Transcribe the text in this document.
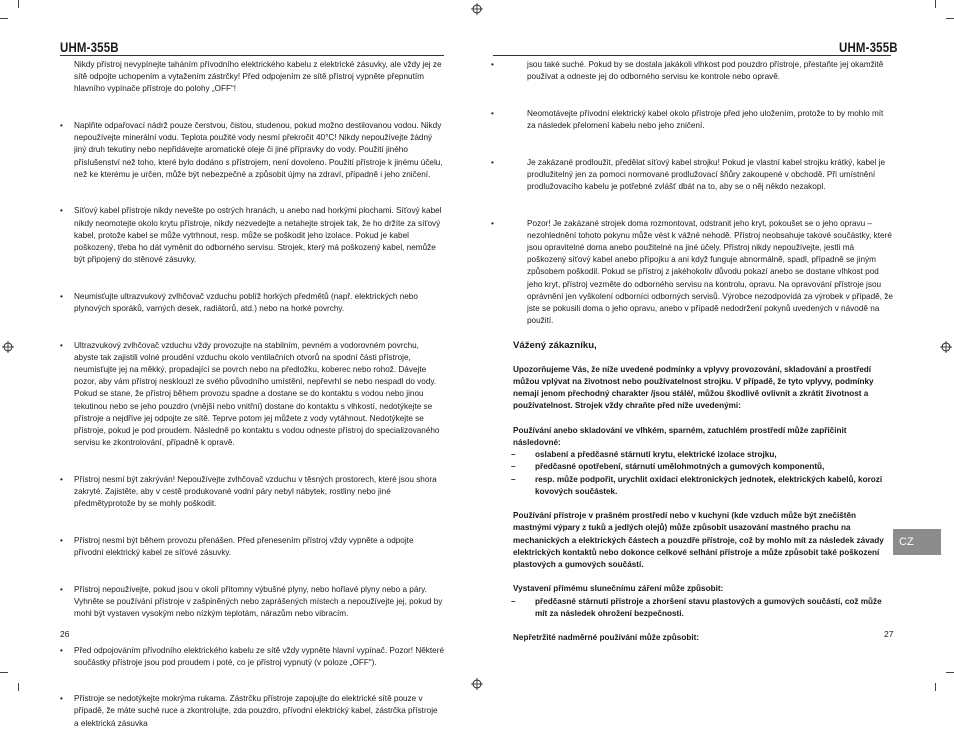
UHM-355B

Nikdy přístroj nevypínejte taháním přívodního elektrického kabelu z elektrické zásuvky, ale vždy jej ze sítě odpojte uchopením a vytažením zástrčky! Před odpojením ze sítě přístroj vypněte přepnutím hlavního vypínače přístroje do polohy „OFF“!

• Naplňte odpařovací nádrž pouze čerstvou, čistou, studenou, pokud možno destilovanou vodou. Nikdy nepoužívejte minerální vodu. Teplota použité vody nesmí překročit 40°C! Nikdy nepoužívejte žádný jiný druh tekutiny nebo nepřidávejte aromatické oleje či jiné přípravky do vody. Použití jiného příslušenství než toho, které bylo dodáno s přístrojem, není dovoleno. Použití přístroje k jinému účelu, než ke kterému je určen, může být nebezpečné a způsobit újmy na zdraví, případně i jeho zničení.

• Síťový kabel přístroje nikdy nevešte po ostrých hranách, u anebo nad horkými plochami. Síťový kabel nikdy neomotejte okolo krytu přístroje, nikdy nezvedejte a netahejte strojek tak, že ho držíte za síťový kabel, protože kabel se může vytrhnout, resp. může se poškodit jeho izolace. Pokud je kabel poškozený, třeba ho dát vyměnit do odborného servisu. Strojek, který má poškozený kabel, nemůže být připojený do stěnové zásuvky.

• Neumisťujte ultrazvukový zvlhčovač vzduchu poblíž horkých předmětů (např. elektrických nebo plynových sporáků, varných desek, radiátorů, atd.) nebo na horké povrchy.

• Ultrazvukový zvlhčovač vzduchu vždy provozujte na stabilním, pevném a vodorovném povrchu, abyste tak zajistili volné proudění vzduchu okolo ventilačních otvorů na spodní části přístroje, neumisťujte jej na měkký, propadající se povrch nebo na předložku, koberec nebo rohož. Dávejte pozor, aby vám přístroj nesklouzl ze svého původního umístění, nepřevrhl se nebo nespadl do vody. Pokud se stane, že přístroj během provozu spadne a dostane se do kontaktu s vodou nebo jinou tekutinou nebo se jeho pouzdro (vnější nebo vnitřní) dostane do kontaktu s vlhkostí, nedotýkejte se přístroje a nejdříve jej odpojte ze sítě. Teprve potom jej můžete z vody vytáhnout. Nedotýkejte se přístroje, pokud je pod proudem. Následně po kontaktu s vodou odneste přístroj do specializovaného servisu ke zkontrolování, případně k opravě.

• Přístroj nesmí být zakrýván! Nepoužívejte zvlhčovač vzduchu v těsných prostorech, které jsou shora zakryté. Zajistěte, aby v cestě produkované vodní páry nebyl nábytek, rostliny nebo jiné předmětyprotože by se mohly poškodit.

• Přístroj nesmí být během provozu přenášen. Před přenesením přístroj vždy vypněte a odpojte přívodní elektrický kabel ze síťové zásuvky.

• Přístroj nepoužívejte, pokud jsou v okolí přítomny výbušné plyny, nebo hořlavé plyny nebo a páry. Vyhněte se používání přístroje v zašpiněných nebo zaprášených místech a nepoužívejte jej, pokud by mohl být vystaven vysokým nebo nízkým teplotám, nárazům nebo vibracím.

• Před odpojováním přívodního elektrického kabelu ze sítě vždy vypněte hlavní vypínač. Pozor! Některé součástky přístroje jsou pod proudem i poté, co je přístroj vypnutý (v poloze „OFF“).

• Přístroje se nedotýkejte mokrýma rukama. Zástrčku přístroje zapojujte do elektrické sítě pouze v případě, že máte suché ruce a zkontrolujte, zda pouzdro, přívodní elektrický kabel, zástrčka přístroje a elektrická zásuvka

26
UHM-355B

• jsou také suché. Pokud by se dostala jakákoli vlhkost pod pouzdro přístroje, přestaňte jej okamžitě používat a odneste jej do odborného servisu ke kontrole nebo opravě.

• Neomotávejte přívodní elektrický kabel okolo přístroje před jeho uložením, protože to by mohlo mít za následek přelomení kabelu nebo jeho zničení.

• Je zakázané prodloužit, předělat síťový kabel strojku! Pokud je vlastní kabel strojku krátký, kabel je prodlužitelný jen za pomoci normované prodlužovací šňůry zakoupené v obchodě. Při umístnění prodlužovacího kabelu je potřebné zvlášť dbát na to, aby se o něj někdo nezakopl.

• Pozor! Je zakázané strojek doma rozmontovat, odstranit jeho kryt, pokoušet se o jeho opravu – nezohlednění tohoto pokynu může vést k vážné nehodě. Přístroj neobsahuje takové součástky, které jsou opravitelné doma anebo použitelné na jiné účely. Přístroj nikdy nepoužívejte, jestli má poškozený síťový kabel anebo přípojku a ani když funguje abnormálně, spadl, případně se jiným způsobem poškodil. Pokud se přístroj z jakéhokoliv důvodu pokazí anebo se dostane vlhkost pod jeho kryt, přístroj vezměte do odborného servisu na kontrolu, opravu. Na opravování přístroje jsou oprávnění jen vyškolení odborníci odborných servisů. Výrobce nezodpovídá za výrobek v případě, že jste se pokusili doma o jeho opravu, anebo v případě nedodržení pokynů uvedených v návodě na použití.

Vážený zákazníku,

Upozorňujeme Vás, že níže uvedené podmínky a vplyvy provozování, skladování a prostředí můžou vplývat na životnost nebo používatelnost strojku. V případě, že tyto vplyvy, podmínky nemají jenom přechodný charakter /jsou stálé/, můžou škodlivě ovlivnit a zkrátit životnost a používatelnost. Strojek vždy chraňte před níže uvedenými:

Používání anebo skladování ve vlhkém, sparném, zatuchlém prostředí může zapříčinit následovné:

– oslabení a předčasné stárnutí krytu, elektrické izolace strojku,

– předčasné opotřebení, stárnutí umělohmotných a gumových komponentů,

– resp. může podpořit, urychlit oxidaci elektronických jednotek, elektrických kabelů, korozi kovových součástek.

Používání přístroje v prašném prostředí nebo v kuchyni (kde vzduch může být znečištěn mastnými výpary z tuků a jedlých olejů) může způsobit usazování mastného prachu na mechanických a elektrických částech a pouzdře přístroje, což by mohlo mít za následek závady elektrických kontaktů nebo dokonce celkové selhání přístroje a může způsobit také poškození plastových a gumových součástí.

Vystavení přímému slunečnímu záření může způsobit:

– předčasné stárnutí přístroje a zhoršení stavu plastových a gumových součástí, což může mít za následek ohrožení bezpečnosti.

Nepřetržité nadměrné používání může způsobit:	27
CZ
